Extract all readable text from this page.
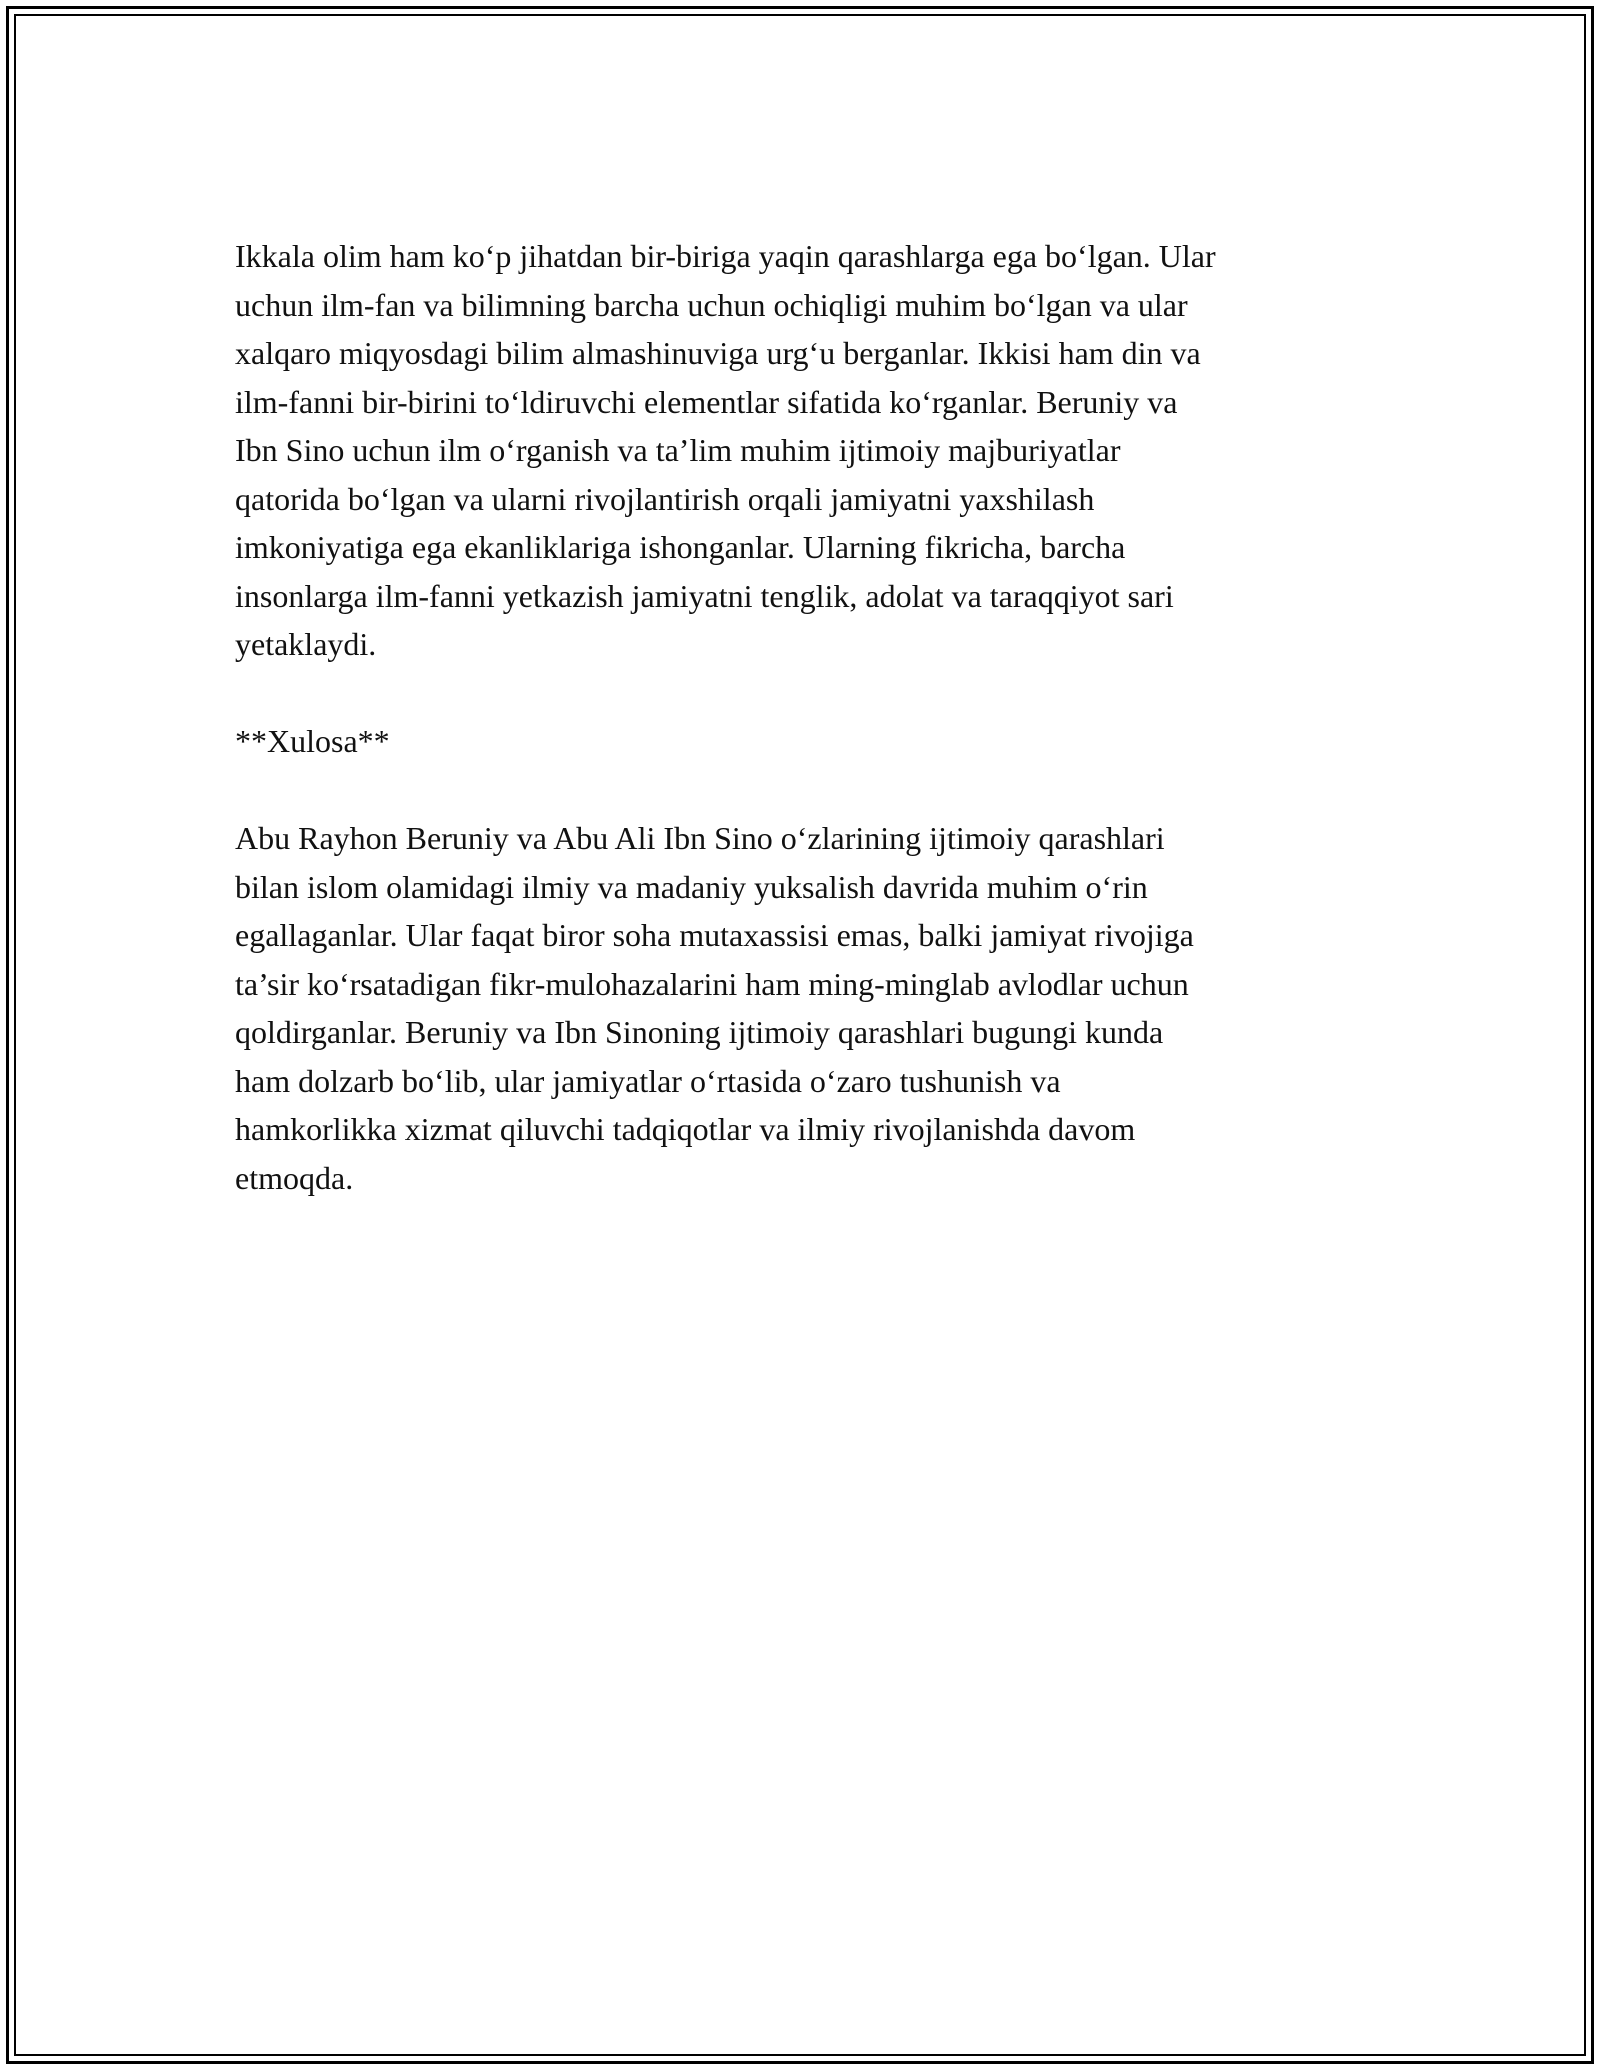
Ikkala olim ham koʻp jihatdan bir-biriga yaqin qarashlarga ega boʻlgan. Ular
uchun ilm-fan va bilimning barcha uchun ochiqligi muhim boʻlgan va ular
xalqaro miqyosdagi bilim almashinuviga urgʻu berganlar. Ikkisi ham din va
ilm-fanni bir-birini toʻldiruvchi elementlar sifatida koʻrganlar. Beruniy va
Ibn Sino uchun ilm oʻrganish va ta’lim muhim ijtimoiy majburiyatlar
qatorida boʻlgan va ularni rivojlantirish orqali jamiyatni yaxshilash
imkoniyatiga ega ekanliklariga ishonganlar. Ularning fikricha, barcha
insonlarga ilm-fanni yetkazish jamiyatni tenglik, adolat va taraqqiyot sari
yetaklaydi.

**Xulosa**

Abu Rayhon Beruniy va Abu Ali Ibn Sino oʻzlarining ijtimoiy qarashlari
bilan islom olamidagi ilmiy va madaniy yuksalish davrida muhim oʻrin
egallaganlar. Ular faqat biror soha mutaxassisi emas, balki jamiyat rivojiga
ta’sir koʻrsatadigan fikr-mulohazalarini ham ming-minglab avlodlar uchun
qoldirganlar. Beruniy va Ibn Sinoning ijtimoiy qarashlari bugungi kunda
ham dolzarb boʻlib, ular jamiyatlar oʻrtasida oʻzaro tushunish va
hamkorlikka xizmat qiluvchi tadqiqotlar va ilmiy rivojlanishda davom
etmoqda.
